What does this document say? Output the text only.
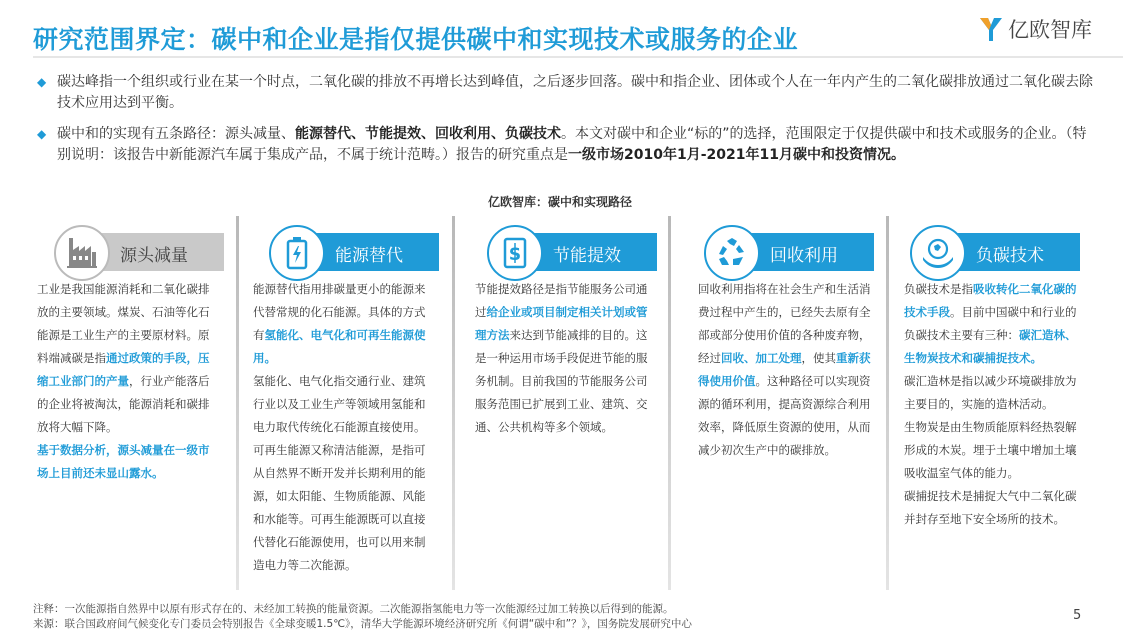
研究范围界定：碳中和企业是指仅提供碳中和实现技术或服务的企业	亿欧智库
◆ 碳达峰指一个组织或行业在某一个时点，二氧化碳的排放不再增长达到峰值，之后逐步回落。碳中和指企业、团体或个人在一年内产生的二氧化碳排放通过二氧化碳去除技术应用达到平衡。
◆ 碳中和的实现有五条路径：源头减量、能源替代、节能提效、回收利用、负碳技术。本文对碳中和企业“标的”的选择，范围限定于仅提供碳中和技术或服务的企业。（特别说明：该报告中新能源汽车属于集成产品，不属于统计范畴。）报告的研究重点是一级市场2010年1月-2021年11月碳中和投资情况。
亿欧智库：碳中和实现路径
源头减量
工业是我国能源消耗和二氧化碳排放的主要领域。煤炭、石油等化石能源是工业生产的主要原材料。原料端减碳是指通过政策的手段，压缩工业部门的产量，行业产能落后的企业将被淘汰，能源消耗和碳排放将大幅下降。
基于数据分析，源头减量在一级市场上目前还未显山露水。
能源替代
能源替代指用排碳量更小的能源来代替常规的化石能源。具体的方式有氢能化、电气化和可再生能源使用。
氢能化、电气化指交通行业、建筑行业以及工业生产等领域用氢能和电力取代传统化石能源直接使用。
可再生能源又称清洁能源，是指可从自然界不断开发并长期利用的能源，如太阳能、生物质能源、风能和水能等。可再生能源既可以直接代替化石能源使用，也可以用来制造电力等二次能源。
S 节能提效
节能提效路径是指节能服务公司通过给企业或项目制定相关计划或管理方法来达到节能减排的目的。这是一种运用市场手段促进节能的服务机制。目前我国的节能服务公司服务范围已扩展到工业、建筑、交通、公共机构等多个领域。
回收利用
回收利用指将在社会生产和生活消费过程中产生的，已经失去原有全部或部分使用价值的各种废弃物，经过回收、加工处理，使其重新获得使用价值。这种路径可以实现资源的循环利用，提高资源综合利用效率，降低原生资源的使用，从而减少初次生产中的碳排放。
负碳技术
负碳技术是指吸收转化二氧化碳的技术手段。目前中国碳中和行业的负碳技术主要有三种：碳汇造林、生物炭技术和碳捕捉技术。
碳汇造林是指以减少环境碳排放为主要目的，实施的造林活动。
生物炭是由生物质能原料经热裂解形成的木炭。埋于土壤中增加土壤吸收温室气体的能力。
碳捕捉技术是捕捉大气中二氧化碳并封存至地下安全场所的技术。
注释：一次能源指自然界中以原有形式存在的、未经加工转换的能量资源。二次能源指氢能电力等一次能源经过加工转换以后得到的能源。
来源：联合国政府间气候变化专门委员会特别报告《全球变暖1.5℃》，清华大学能源环境经济研究所《何谓“碳中和”？》，国务院发展研究中心
5
